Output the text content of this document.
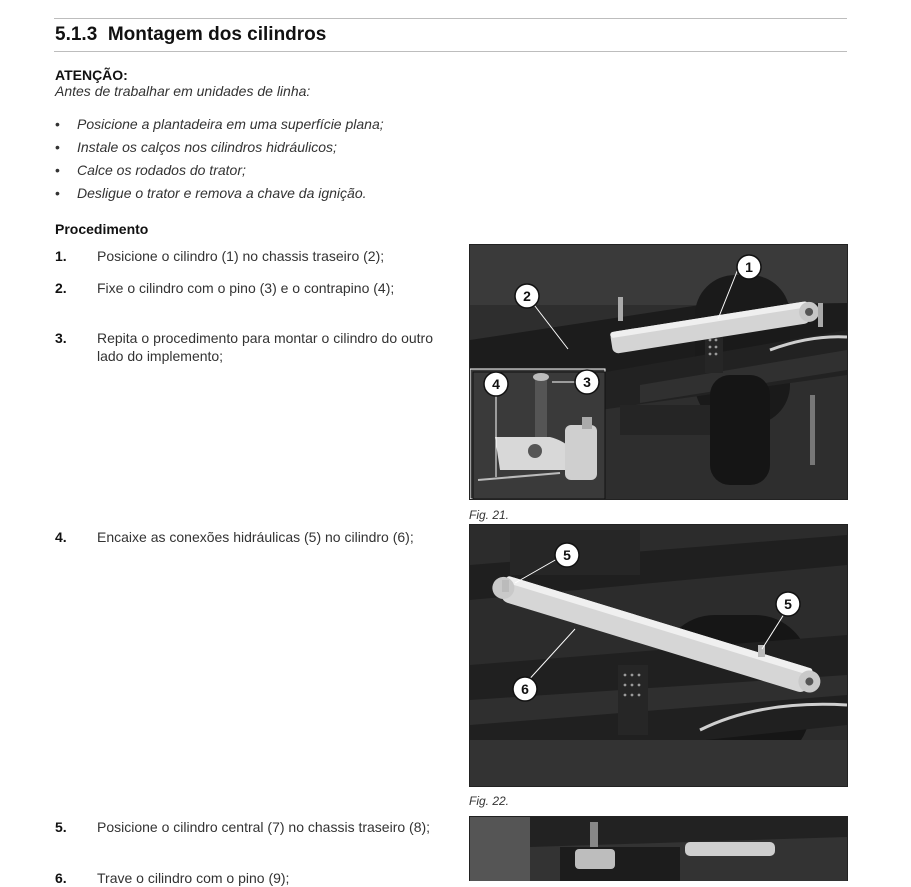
5.1.3 Montagem dos cilindros
ATENÇÃO:
Antes de trabalhar em unidades de linha:
• Posicione a plantadeira em uma superfície plana;
• Instale os calços nos cilindros hidráulicos;
• Calce os rodados do trator;
• Desligue o trator e remova a chave da ignição.
Procedimento
1. Posicione o cilindro (1) no chassis traseiro (2);
2. Fixe o cilindro com o pino (3) e o contrapino (4);
3. Repita o procedimento para montar o cilindro do outro lado do implemento;
4. Encaixe as conexões hidráulicas (5) no cilindro (6);
5. Posicione o cilindro central (7) no chassis traseiro (8);
6. Trave o cilindro com o pino (9);
1
2
3
4
Fig. 21.
5
5
6
Fig. 22.
